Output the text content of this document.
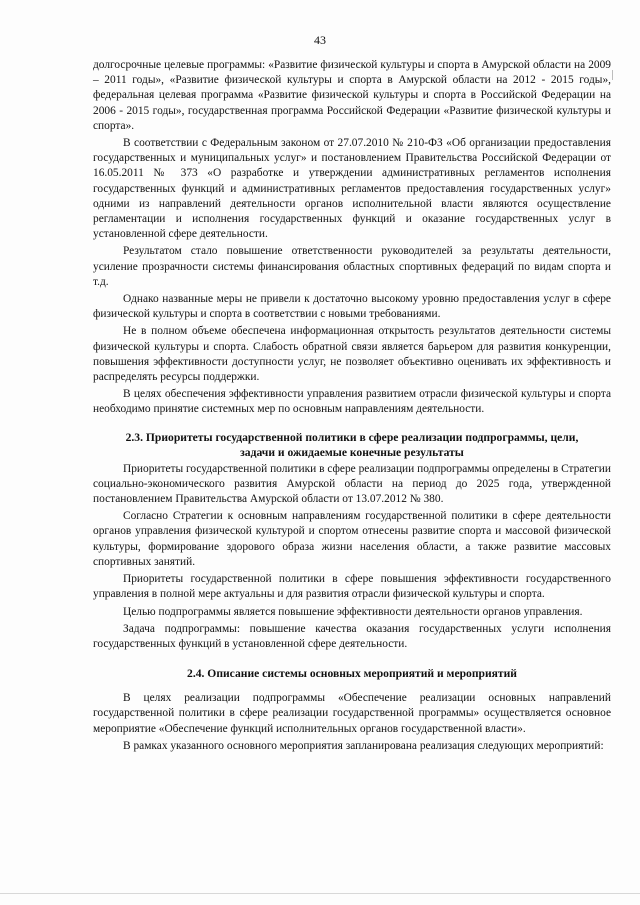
43

долгосрочные целевые программы: «Развитие физической культуры и спорта в Амурской области на 2009 – 2011 годы», «Развитие физической культуры и спорта в Амурской области на 2012 - 2015 годы», федеральная целевая программа «Развитие физической культуры и спорта в Российской Федерации на 2006 - 2015 годы», государственная программа Российской Федерации «Развитие физической культуры и спорта».

В соответствии с Федеральным законом от 27.07.2010 № 210-ФЗ «Об организации предоставления государственных и муниципальных услуг» и постановлением Правительства Российской Федерации от 16.05.2011 № 373 «О разработке и утверждении административных регламентов исполнения государственных функций и административных регламентов предоставления государственных услуг» одними из направлений деятельности органов исполнительной власти являются осуществление регламентации и исполнения государственных функций и оказание государственных услуг в установленной сфере деятельности.

Результатом стало повышение ответственности руководителей за результаты деятельности, усиление прозрачности системы финансирования областных спортивных федераций по видам спорта и т.д.

Однако названные меры не привели к достаточно высокому уровню предоставления услуг в сфере физической культуры и спорта в соответствии с новыми требованиями.

Не в полном объеме обеспечена информационная открытость результатов деятельности системы физической культуры и спорта. Слабость обратной связи является барьером для развития конкуренции, повышения эффективности доступности услуг, не позволяет объективно оценивать их эффективность и распределять ресурсы поддержки.

В целях обеспечения эффективности управления развитием отрасли физической культуры и спорта необходимо принятие системных мер по основным направлениям деятельности.

2.3. Приоритеты государственной политики в сфере реализации подпрограммы, цели,
задачи и ожидаемые конечные результаты

Приоритеты государственной политики в сфере реализации подпрограммы определены в Стратегии социально-экономического развития Амурской области на период до 2025 года, утвержденной постановлением Правительства Амурской области от 13.07.2012 № 380.

Согласно Стратегии к основным направлениям государственной политики в сфере деятельности органов управления физической культурой и спортом отнесены развитие спорта и массовой физической культуры, формирование здорового образа жизни населения области, а также развитие массовых спортивных занятий.

Приоритеты государственной политики в сфере повышения эффективности государственного управления в полной мере актуальны и для развития отрасли физической культуры и спорта.

Целью подпрограммы является повышение эффективности деятельности органов управления.

Задача подпрограммы: повышение качества оказания государственных услуги исполнения государственных функций в установленной сфере деятельности.

2.4. Описание системы основных мероприятий и мероприятий

В целях реализации подпрограммы «Обеспечение реализации основных направлений государственной политики в сфере реализации государственной программы» осуществляется основное мероприятие «Обеспечение функций исполнительных органов государственной власти».

В рамках указанного основного мероприятия запланирована реализация следующих мероприятий:
